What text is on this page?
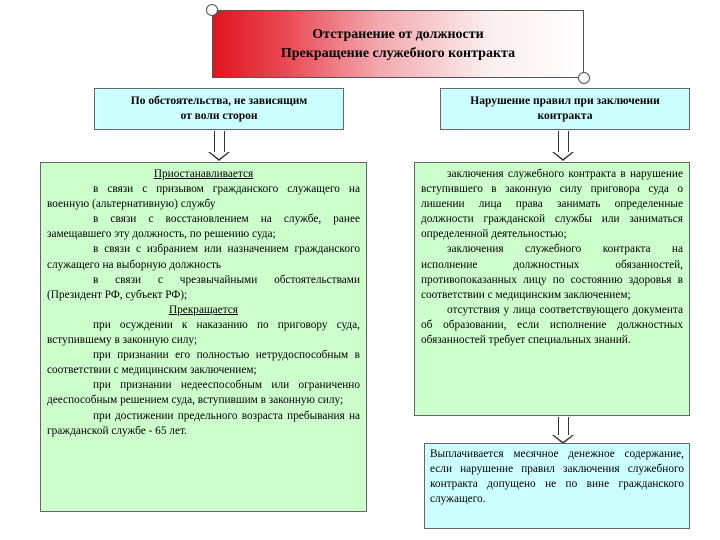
Отстранение от должности
Прекращение служебного контракта
По обстоятельства, не зависящим
от воли сторон
Нарушение правил при заключении
контракта

Приостанавливается

в связи с призывом гражданского служащего на военную (альтернативную) службу

в связи с восстановлением на службе, ранее замещавшего эту должность, по решению суда;

в связи с избранием или назначением гражданского служащего на выборную должность

в связи с чрезвычайными обстоятельствами (Президент РФ, субъект РФ);

Прекращается

при осуждении к наказанию по приговору суда, вступившему в законную силу;

при признании его полностью нетрудоспособным в соответствии с медицинским заключением;

при признании недееспособным или ограниченно дееспособным решением суда, вступившим в законную силу;

при достижении предельного возраста пребывания на гражданской службе - 65 лет.

заключения служебного контракта в нарушение вступившего в законную силу приговора суда о лишении лица права занимать определенные должности гражданской службы или заниматься определенной деятельностью;

заключения служебного контракта на исполнение должностных обязанностей, противопоказанных лицу по состоянию здоровья в соответствии с медицинским заключением;

отсутствия у лица соответствующего документа об образовании, если исполнение должностных обязанностей требует специальных знаний.

Выплачивается месячное денежное содержание, если нарушение правил заключения служебного контракта допущено не по вине гражданского служащего.
